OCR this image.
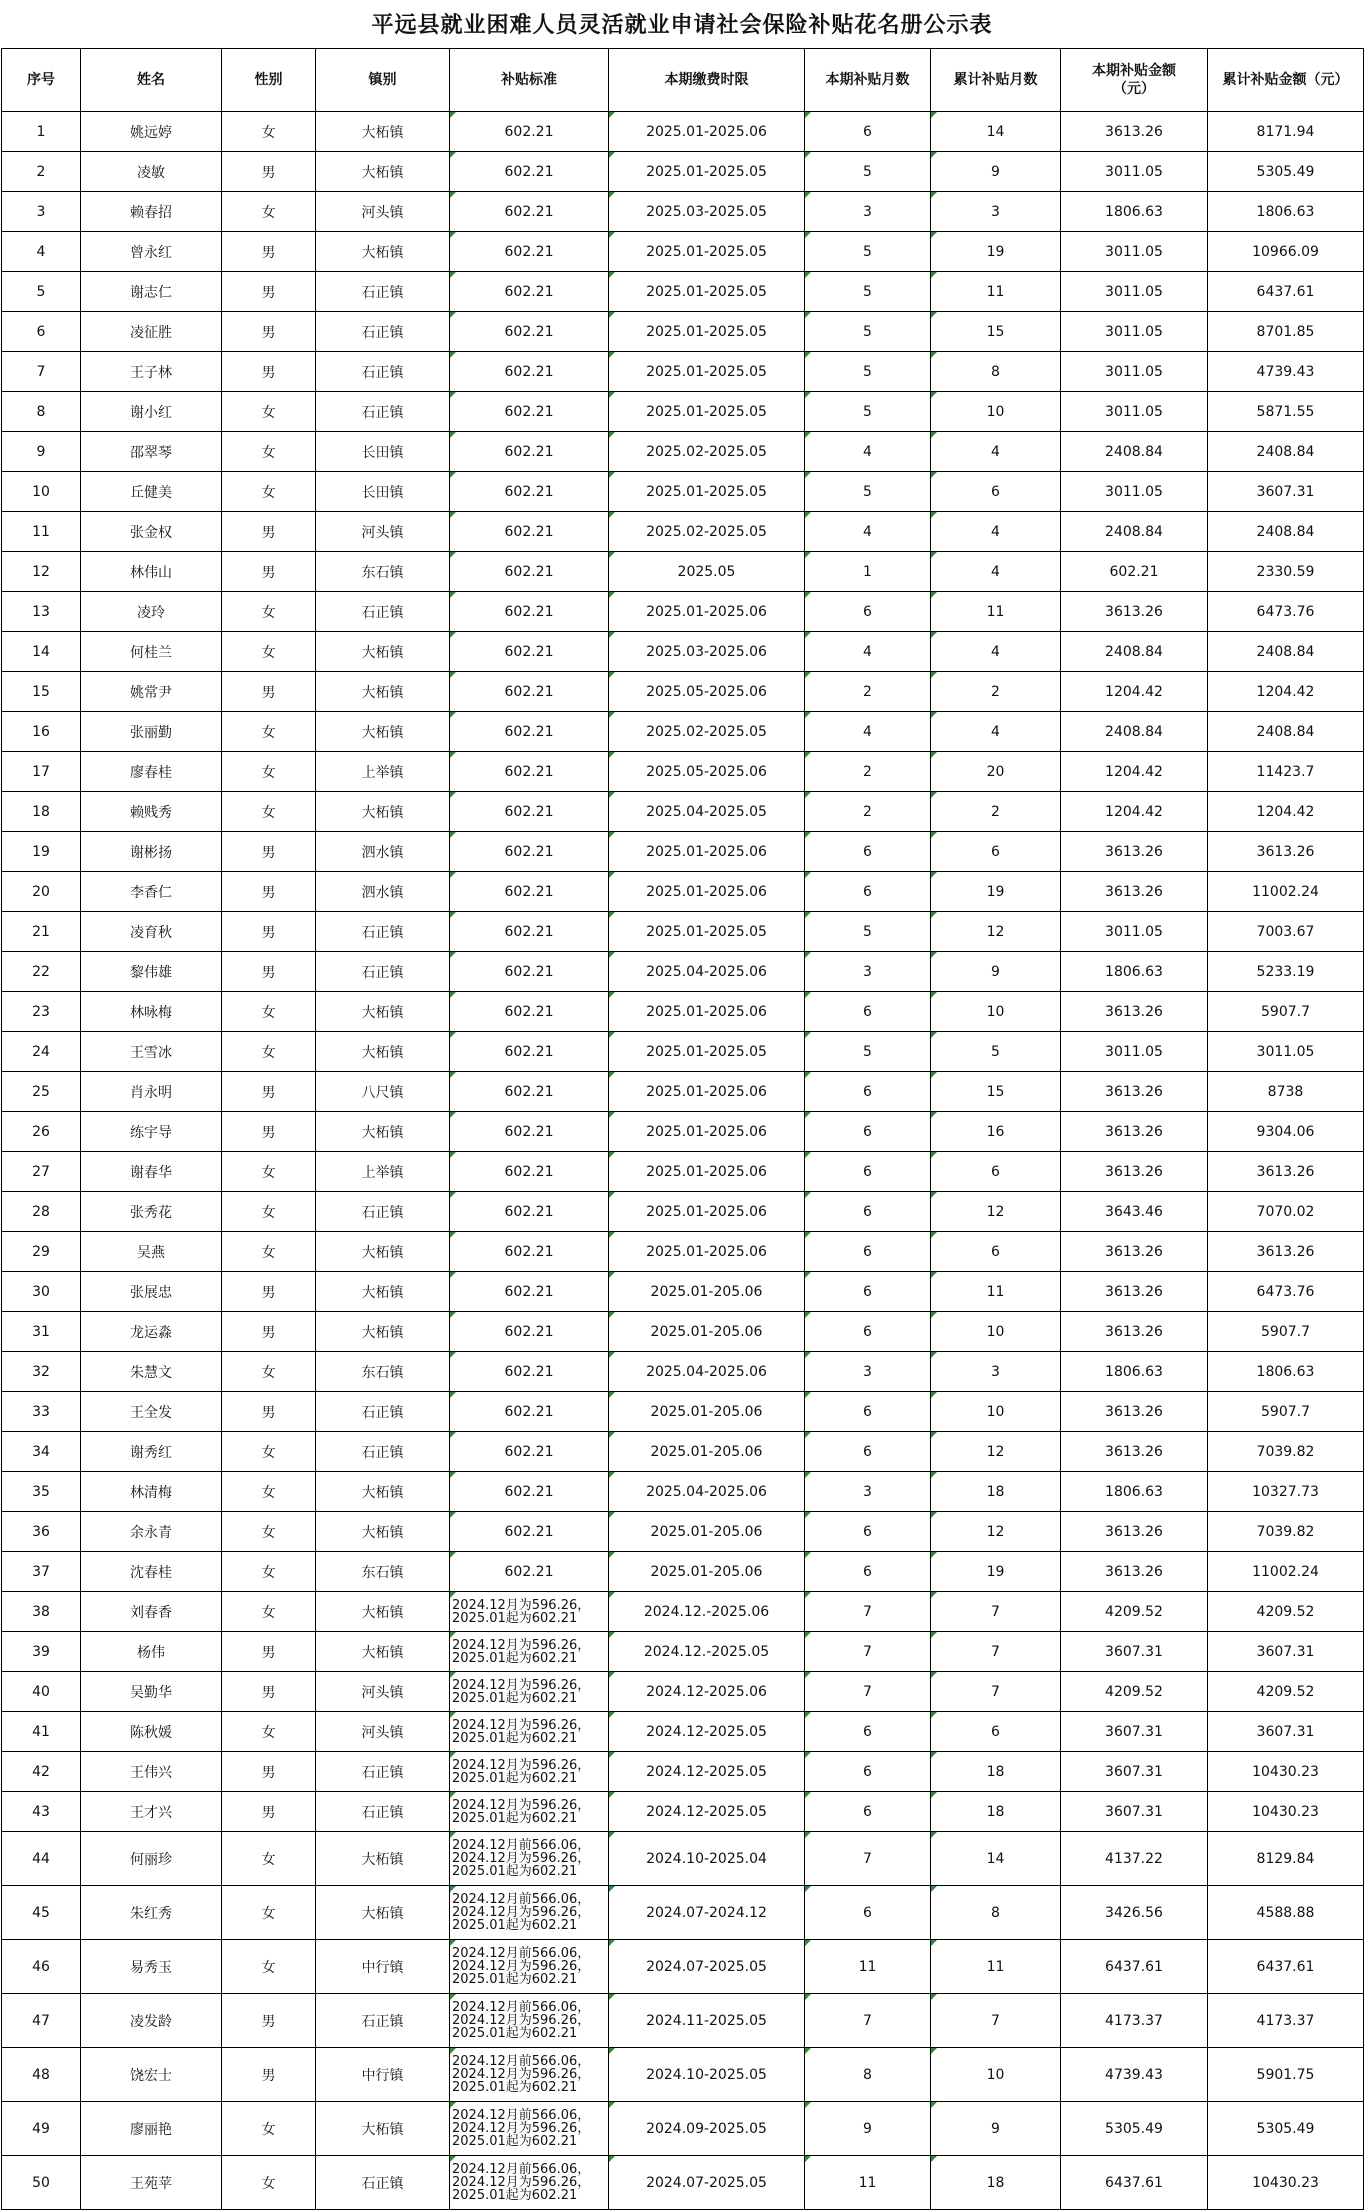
平远县就业困难人员灵活就业申请社会保险补贴花名册公示表
序号	姓名	性别	镇别	补贴标准	本期缴费时限	本期补贴月数	累计补贴月数	本期补贴金额
（元）	累计补贴金额（元）
1	姚远婷	女	大柘镇	602.21	2025.01-2025.06	6	14	3613.26	8171.94
2	凌敏	男	大柘镇	602.21	2025.01-2025.05	5	9	3011.05	5305.49
3	赖春招	女	河头镇	602.21	2025.03-2025.05	3	3	1806.63	1806.63
4	曾永红	男	大柘镇	602.21	2025.01-2025.05	5	19	3011.05	10966.09
5	谢志仁	男	石正镇	602.21	2025.01-2025.05	5	11	3011.05	6437.61
6	凌征胜	男	石正镇	602.21	2025.01-2025.05	5	15	3011.05	8701.85
7	王子林	男	石正镇	602.21	2025.01-2025.05	5	8	3011.05	4739.43
8	谢小红	女	石正镇	602.21	2025.01-2025.05	5	10	3011.05	5871.55
9	邵翠琴	女	长田镇	602.21	2025.02-2025.05	4	4	2408.84	2408.84
10	丘健美	女	长田镇	602.21	2025.01-2025.05	5	6	3011.05	3607.31
11	张金权	男	河头镇	602.21	2025.02-2025.05	4	4	2408.84	2408.84
12	林伟山	男	东石镇	602.21	2025.05	1	4	602.21	2330.59
13	凌玲	女	石正镇	602.21	2025.01-2025.06	6	11	3613.26	6473.76
14	何桂兰	女	大柘镇	602.21	2025.03-2025.06	4	4	2408.84	2408.84
15	姚常尹	男	大柘镇	602.21	2025.05-2025.06	2	2	1204.42	1204.42
16	张丽勤	女	大柘镇	602.21	2025.02-2025.05	4	4	2408.84	2408.84
17	廖春桂	女	上举镇	602.21	2025.05-2025.06	2	20	1204.42	11423.7
18	赖贱秀	女	大柘镇	602.21	2025.04-2025.05	2	2	1204.42	1204.42
19	谢彬扬	男	泗水镇	602.21	2025.01-2025.06	6	6	3613.26	3613.26
20	李香仁	男	泗水镇	602.21	2025.01-2025.06	6	19	3613.26	11002.24
21	凌育秋	男	石正镇	602.21	2025.01-2025.05	5	12	3011.05	7003.67
22	黎伟雄	男	石正镇	602.21	2025.04-2025.06	3	9	1806.63	5233.19
23	林咏梅	女	大柘镇	602.21	2025.01-2025.06	6	10	3613.26	5907.7
24	王雪冰	女	大柘镇	602.21	2025.01-2025.05	5	5	3011.05	3011.05
25	肖永明	男	八尺镇	602.21	2025.01-2025.06	6	15	3613.26	8738
26	练宇导	男	大柘镇	602.21	2025.01-2025.06	6	16	3613.26	9304.06
27	谢春华	女	上举镇	602.21	2025.01-2025.06	6	6	3613.26	3613.26
28	张秀花	女	石正镇	602.21	2025.01-2025.06	6	12	3643.46	7070.02
29	吴燕	女	大柘镇	602.21	2025.01-2025.06	6	6	3613.26	3613.26
30	张展忠	男	大柘镇	602.21	2025.01-205.06	6	11	3613.26	6473.76
31	龙运淼	男	大柘镇	602.21	2025.01-205.06	6	10	3613.26	5907.7
32	朱慧文	女	东石镇	602.21	2025.04-2025.06	3	3	1806.63	1806.63
33	王全发	男	石正镇	602.21	2025.01-205.06	6	10	3613.26	5907.7
34	谢秀红	女	石正镇	602.21	2025.01-205.06	6	12	3613.26	7039.82
35	林清梅	女	大柘镇	602.21	2025.04-2025.06	3	18	1806.63	10327.73
36	余永青	女	大柘镇	602.21	2025.01-205.06	6	12	3613.26	7039.82
37	沈春桂	女	东石镇	602.21	2025.01-205.06	6	19	3613.26	11002.24
38	刘春香	女	大柘镇	2024.12月为596.26，
2025.01起为602.21	2024.12.-2025.06	7	7	4209.52	4209.52
39	杨伟	男	大柘镇	2024.12月为596.26，
2025.01起为602.21	2024.12.-2025.05	7	7	3607.31	3607.31
40	吴勤华	男	河头镇	2024.12月为596.26，
2025.01起为602.21	2024.12-2025.06	7	7	4209.52	4209.52
41	陈秋媛	女	河头镇	2024.12月为596.26，
2025.01起为602.21	2024.12-2025.05	6	6	3607.31	3607.31
42	王伟兴	男	石正镇	2024.12月为596.26，
2025.01起为602.21	2024.12-2025.05	6	18	3607.31	10430.23
43	王才兴	男	石正镇	2024.12月为596.26，
2025.01起为602.21	2024.12-2025.05	6	18	3607.31	10430.23
44	何丽珍	女	大柘镇	2024.12月前566.06，
2024.12月为596.26，
2025.01起为602.21	2024.10-2025.04	7	14	4137.22	8129.84
45	朱红秀	女	大柘镇	2024.12月前566.06，
2024.12月为596.26，
2025.01起为602.21	2024.07-2024.12	6	8	3426.56	4588.88
46	易秀玉	女	中行镇	2024.12月前566.06，
2024.12月为596.26，
2025.01起为602.21	2024.07-2025.05	11	11	6437.61	6437.61
47	凌发龄	男	石正镇	2024.12月前566.06，
2024.12月为596.26，
2025.01起为602.21	2024.11-2025.05	7	7	4173.37	4173.37
48	饶宏士	男	中行镇	2024.12月前566.06，
2024.12月为596.26，
2025.01起为602.21	2024.10-2025.05	8	10	4739.43	5901.75
49	廖丽艳	女	大柘镇	2024.12月前566.06，
2024.12月为596.26，
2025.01起为602.21	2024.09-2025.05	9	9	5305.49	5305.49
50	王苑苹	女	石正镇	2024.12月前566.06，
2024.12月为596.26，
2025.01起为602.21	2024.07-2025.05	11	18	6437.61	10430.23
